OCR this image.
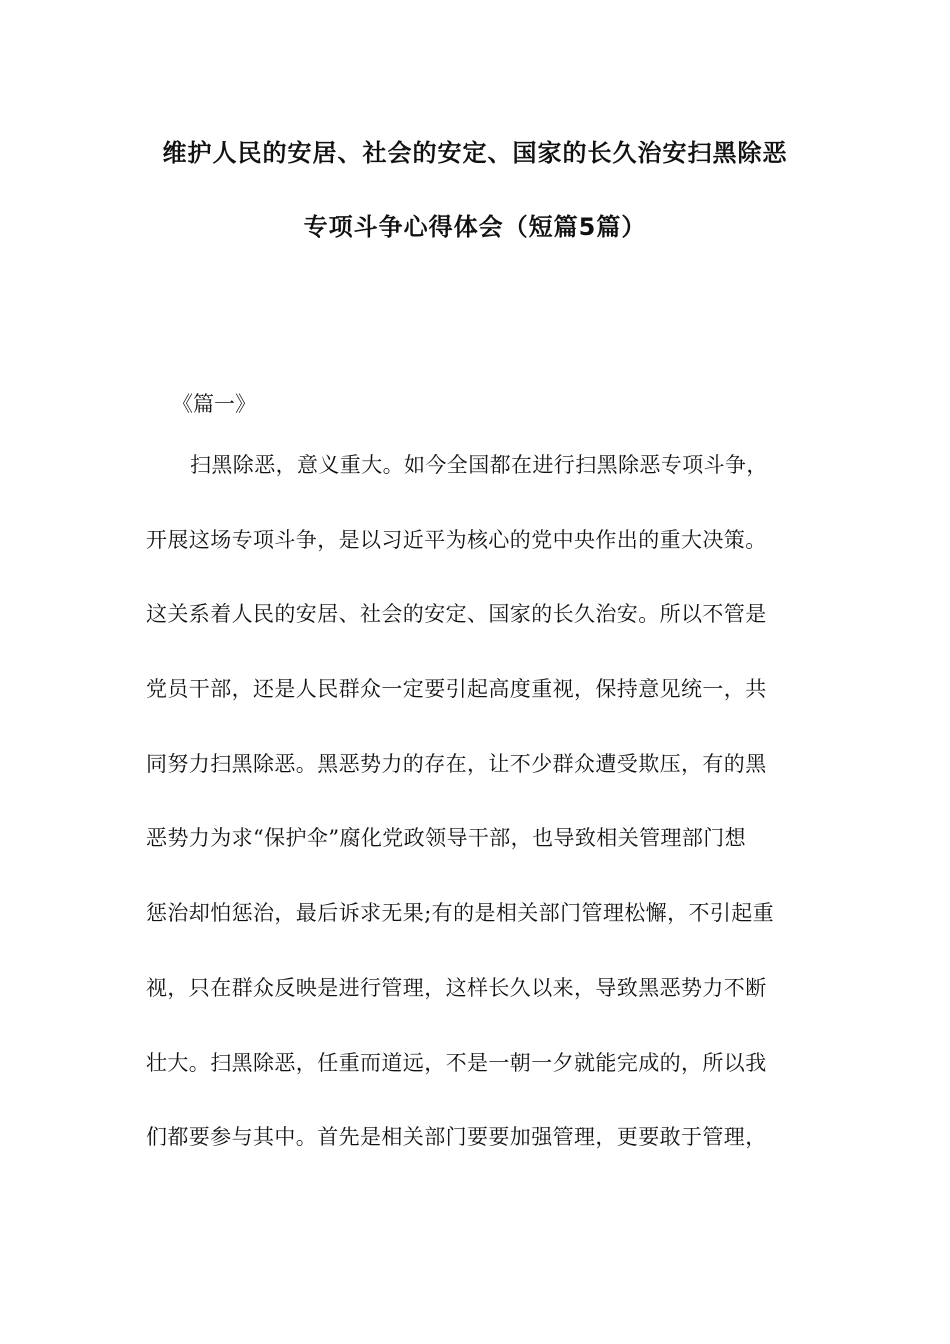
维护人民的安居、社会的安定、国家的长久治安扫黑除恶
专项斗争心得体会（短篇5篇）
《篇一》
扫黑除恶，意义重大。如今全国都在进行扫黑除恶专项斗争，
开展这场专项斗争，是以习近平为核心的党中央作出的重大决策。
这关系着人民的安居、社会的安定、国家的长久治安。所以不管是
党员干部，还是人民群众一定要引起高度重视，保持意见统一，共
同努力扫黑除恶。黑恶势力的存在，让不少群众遭受欺压，有的黑
恶势力为求“保护伞”腐化党政领导干部，也导致相关管理部门想
惩治却怕惩治，最后诉求无果;有的是相关部门管理松懈，不引起重
视，只在群众反映是进行管理，这样长久以来，导致黑恶势力不断
壮大。扫黑除恶，任重而道远，不是一朝一夕就能完成的，所以我
们都要参与其中。首先是相关部门要要加强管理，更要敢于管理，
